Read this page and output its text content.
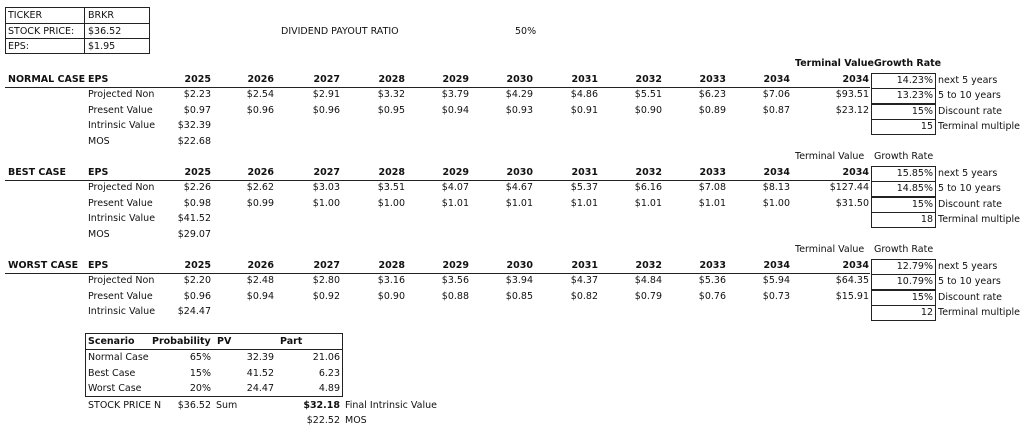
TICKER	BRKR
STOCK PRICE:	$36.52
EPS:	$1.95
DIVIDEND PAYOUT RATIO	50%
Terminal Value Growth Rate
NORMAL CASE EPS	2025	2026	2027	2028	2029	2030	2031	2032	2033	2034	2034
Projected Non	$2.23	$2.54	$2.91	$3.32	$3.79	$4.29	$4.86	$5.51	$6.23	$7.06	$93.51
Present Value	$0.97	$0.96	$0.96	$0.95	$0.94	$0.93	$0.91	$0.90	$0.89	$0.87	$23.12
Intrinsic Value	$32.39
MOS	$22.68
14.23% next 5 years
13.23% 5 to 10 years
15% Discount rate
15 Terminal multiple
Terminal Value Growth Rate
BEST CASE	EPS	2025	2026	2027	2028	2029	2030	2031	2032	2033	2034	2034
Projected Non	$2.26	$2.62	$3.03	$3.51	$4.07	$4.67	$5.37	$6.16	$7.08	$8.13	$127.44
Present Value	$0.98	$0.99	$1.00	$1.00	$1.01	$1.01	$1.01	$1.01	$1.01	$1.00	$31.50
Intrinsic Value	$41.52
MOS	$29.07
15.85% next 5 years
14.85% 5 to 10 years
15% Discount rate
18 Terminal multiple
Terminal Value Growth Rate
WORST CASE	EPS	2025	2026	2027	2028	2029	2030	2031	2032	2033	2034	2034
Projected Non	$2.20	$2.48	$2.80	$3.16	$3.56	$3.94	$4.37	$4.84	$5.36	$5.94	$64.35
Present Value	$0.96	$0.94	$0.92	$0.90	$0.88	$0.85	$0.82	$0.79	$0.76	$0.73	$15.91
Intrinsic Value	$24.47
12.79% next 5 years
10.79% 5 to 10 years
15% Discount rate
12 Terminal multiple
Scenario	Probability PV	Part
Normal Case	65%	32.39	21.06
Best Case	15%	41.52	6.23
Worst Case	20%	24.47	4.89
STOCK PRICE N	$36.52 Sum	$32.18 Final Intrinsic Value
$22.52 MOS
